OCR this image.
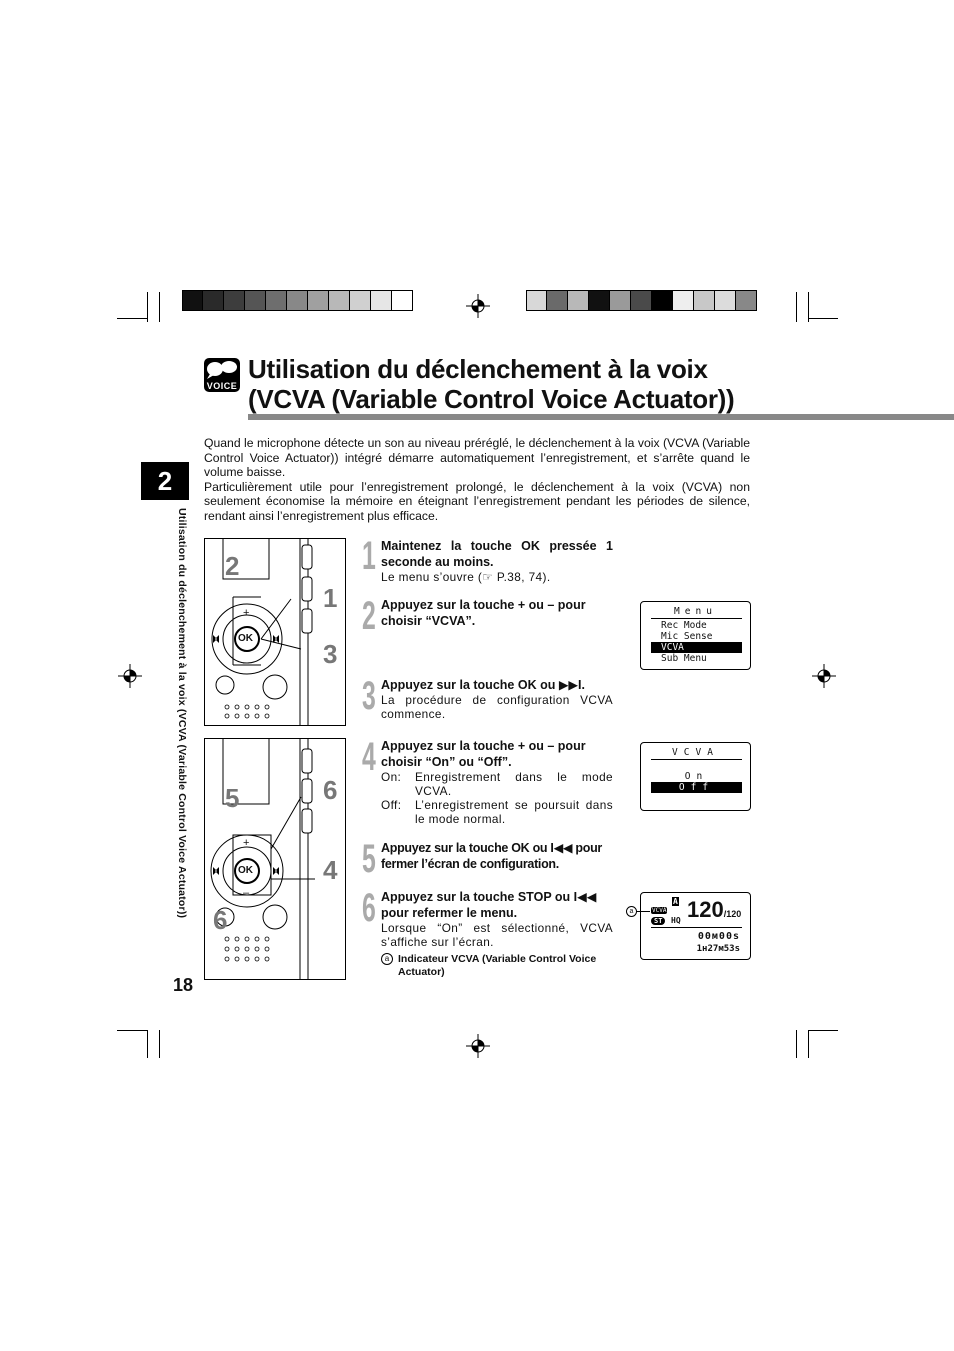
VOICE
Utilisation du déclenchement à la voix
(VCVA (Variable Control Voice Actuator))

Quand le microphone détecte un son au niveau préréglé, le déclenchement à la voix (VCVA (Variable Control Voice Actuator)) intégré démarre automatiquement l’enregistrement, et s’arrête quand le volume baisse.

Particulièrement utile pour l’enregistrement prolongé, le déclenchement à la voix (VCVA) non seulement économise la mémoire en éteignant l’enregistrement pendant les périodes de silence, rendant ainsi l’enregistrement plus efficace.

2
Utilisation du déclenchement à la voix (VCVA (Variable Control Voice Actuator))
18
OK
+
–
2
1
3
OK
+
–
5	6
4
6
1 Maintenez la touche OK pressée 1 seconde au moins.
Le menu s’ouvre (☞ P.38, 74).
2 Appuyez sur la touche + ou – pour choisir “VCVA”.
3 Appuyez sur la touche OK ou ▶▶I.
La procédure de configuration VCVA commence.
4 Appuyez sur la touche + ou – pour choisir “On” ou “Off”.
On:	Enregistrement dans le mode VCVA.
Off:	L’enregistrement se poursuit dans le mode normal.
5 Appuyez sur la touche OK ou I◀◀ pour fermer l’écran de configuration.
6 Appuyez sur la touche STOP ou I◀◀ pour refermer le menu.
Lorsque “On” est sélectionné, VCVA s’affiche sur l’écran.
a Indicateur VCVA (Variable Control Voice Actuator)
Menu
Rec Mode
Mic Sense
VCVA
Sub Menu
VCVA
On
Off
VCVA
ST
A
HQ 120/120
00м00s
1н27м53s
a
